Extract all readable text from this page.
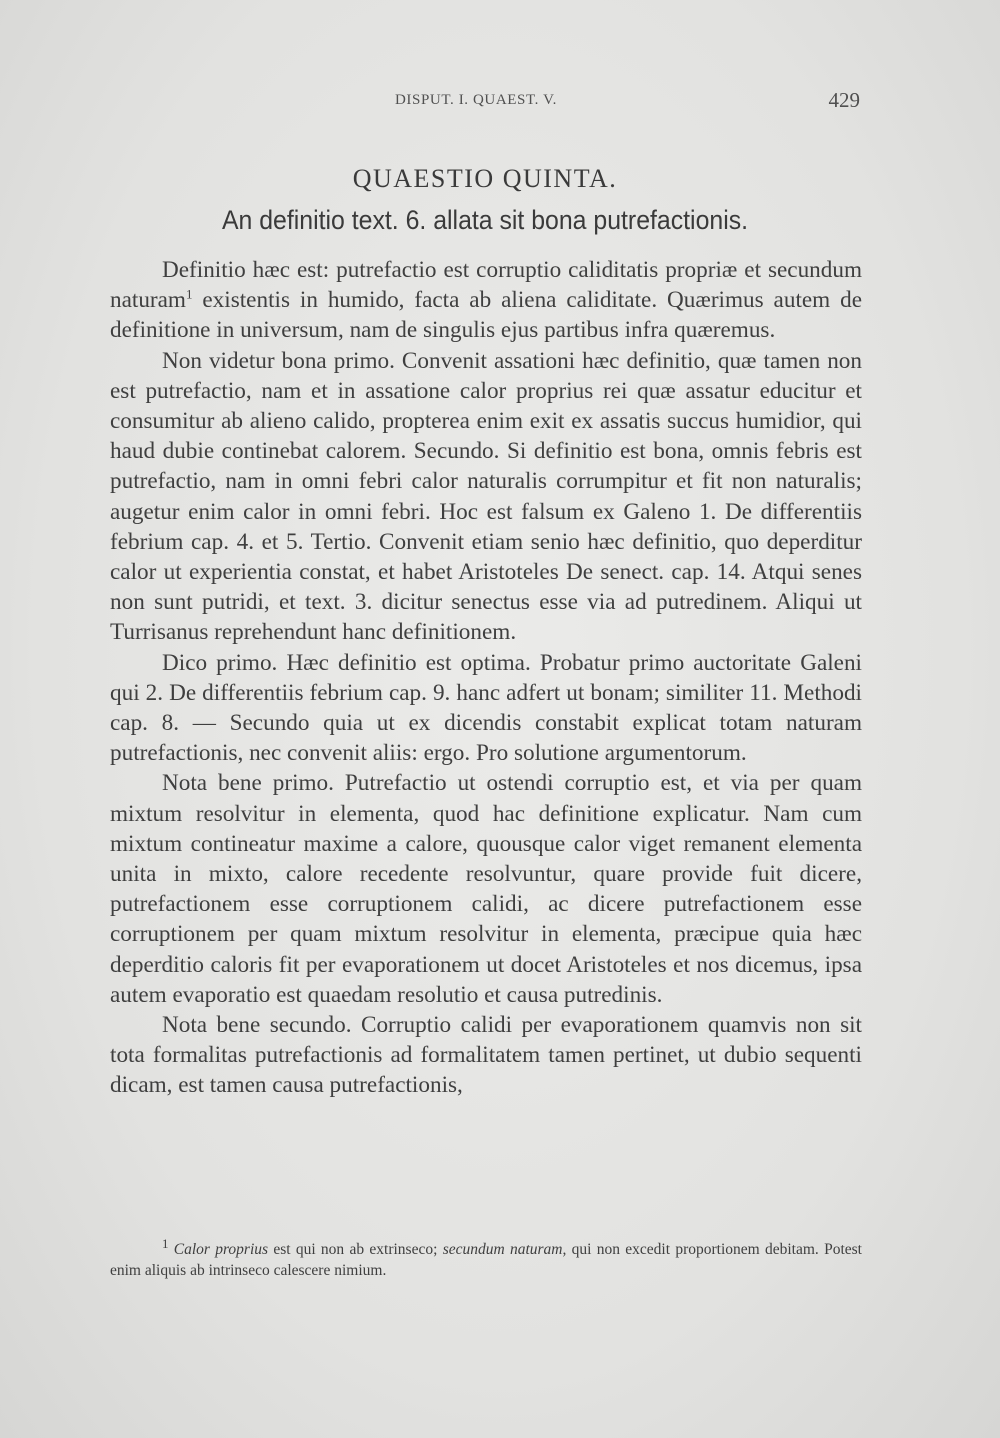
DISPUT. I. QUAEST. V.	429
QUAESTIO QUINTA.
An definitio text. 6. allata sit bona putrefactionis.

Definitio hæc est: putrefactio est corruptio caliditatis propriæ et secundum naturam$^1$ existentis in humido, facta ab aliena caliditate. Quærimus autem de definitione in universum, nam de singulis ejus partibus infra quæremus.

Non videtur bona primo. Convenit assationi hæc definitio, quæ tamen non est putrefactio, nam et in assatione calor proprius rei quæ assatur educitur et consumitur ab alieno calido, propterea enim exit ex assatis succus humidior, qui haud dubie continebat calorem. Secundo. Si definitio est bona, omnis febris est putrefactio, nam in omni febri calor naturalis corrumpitur et fit non naturalis; augetur enim calor in omni febri. Hoc est falsum ex Galeno 1. De differentiis febrium cap. 4. et 5. Tertio. Convenit etiam senio hæc definitio, quo deperditur calor ut experientia constat, et habet Aristoteles De senect. cap. 14. Atqui senes non sunt putridi, et text. 3. dicitur senectus esse via ad putredinem. Aliqui ut Turrisanus reprehendunt hanc definitionem.

Dico primo. Hæc definitio est optima. Probatur primo auctoritate Galeni qui 2. De differentiis febrium cap. 9. hanc adfert ut bonam; similiter 11. Methodi cap. 8. — Secundo quia ut ex dicendis constabit explicat totam naturam putrefactionis, nec convenit aliis: ergo. Pro solutione argumentorum.

Nota bene primo. Putrefactio ut ostendi corruptio est, et via per quam mixtum resolvitur in elementa, quod hac definitione explicatur. Nam cum mixtum contineatur maxime a calore, quousque calor viget remanent elementa unita in mixto, calore recedente resolvuntur, quare provide fuit dicere, putrefactionem esse corruptionem calidi, ac dicere putrefactionem esse corruptionem per quam mixtum resolvitur in elementa, præcipue quia hæc deperditio caloris fit per evaporationem ut docet Aristoteles et nos dicemus, ipsa autem evaporatio est quaedam resolutio et causa putredinis.

Nota bene secundo. Corruptio calidi per evaporationem quamvis non sit tota formalitas putrefactionis ad formalitatem tamen pertinet, ut dubio sequenti dicam, est tamen causa putrefactionis,

$^1$ Calor proprius est qui non ab extrinseco; secundum naturam, qui non excedit proportionem debitam. Potest enim aliquis ab intrinseco calescere nimium.
